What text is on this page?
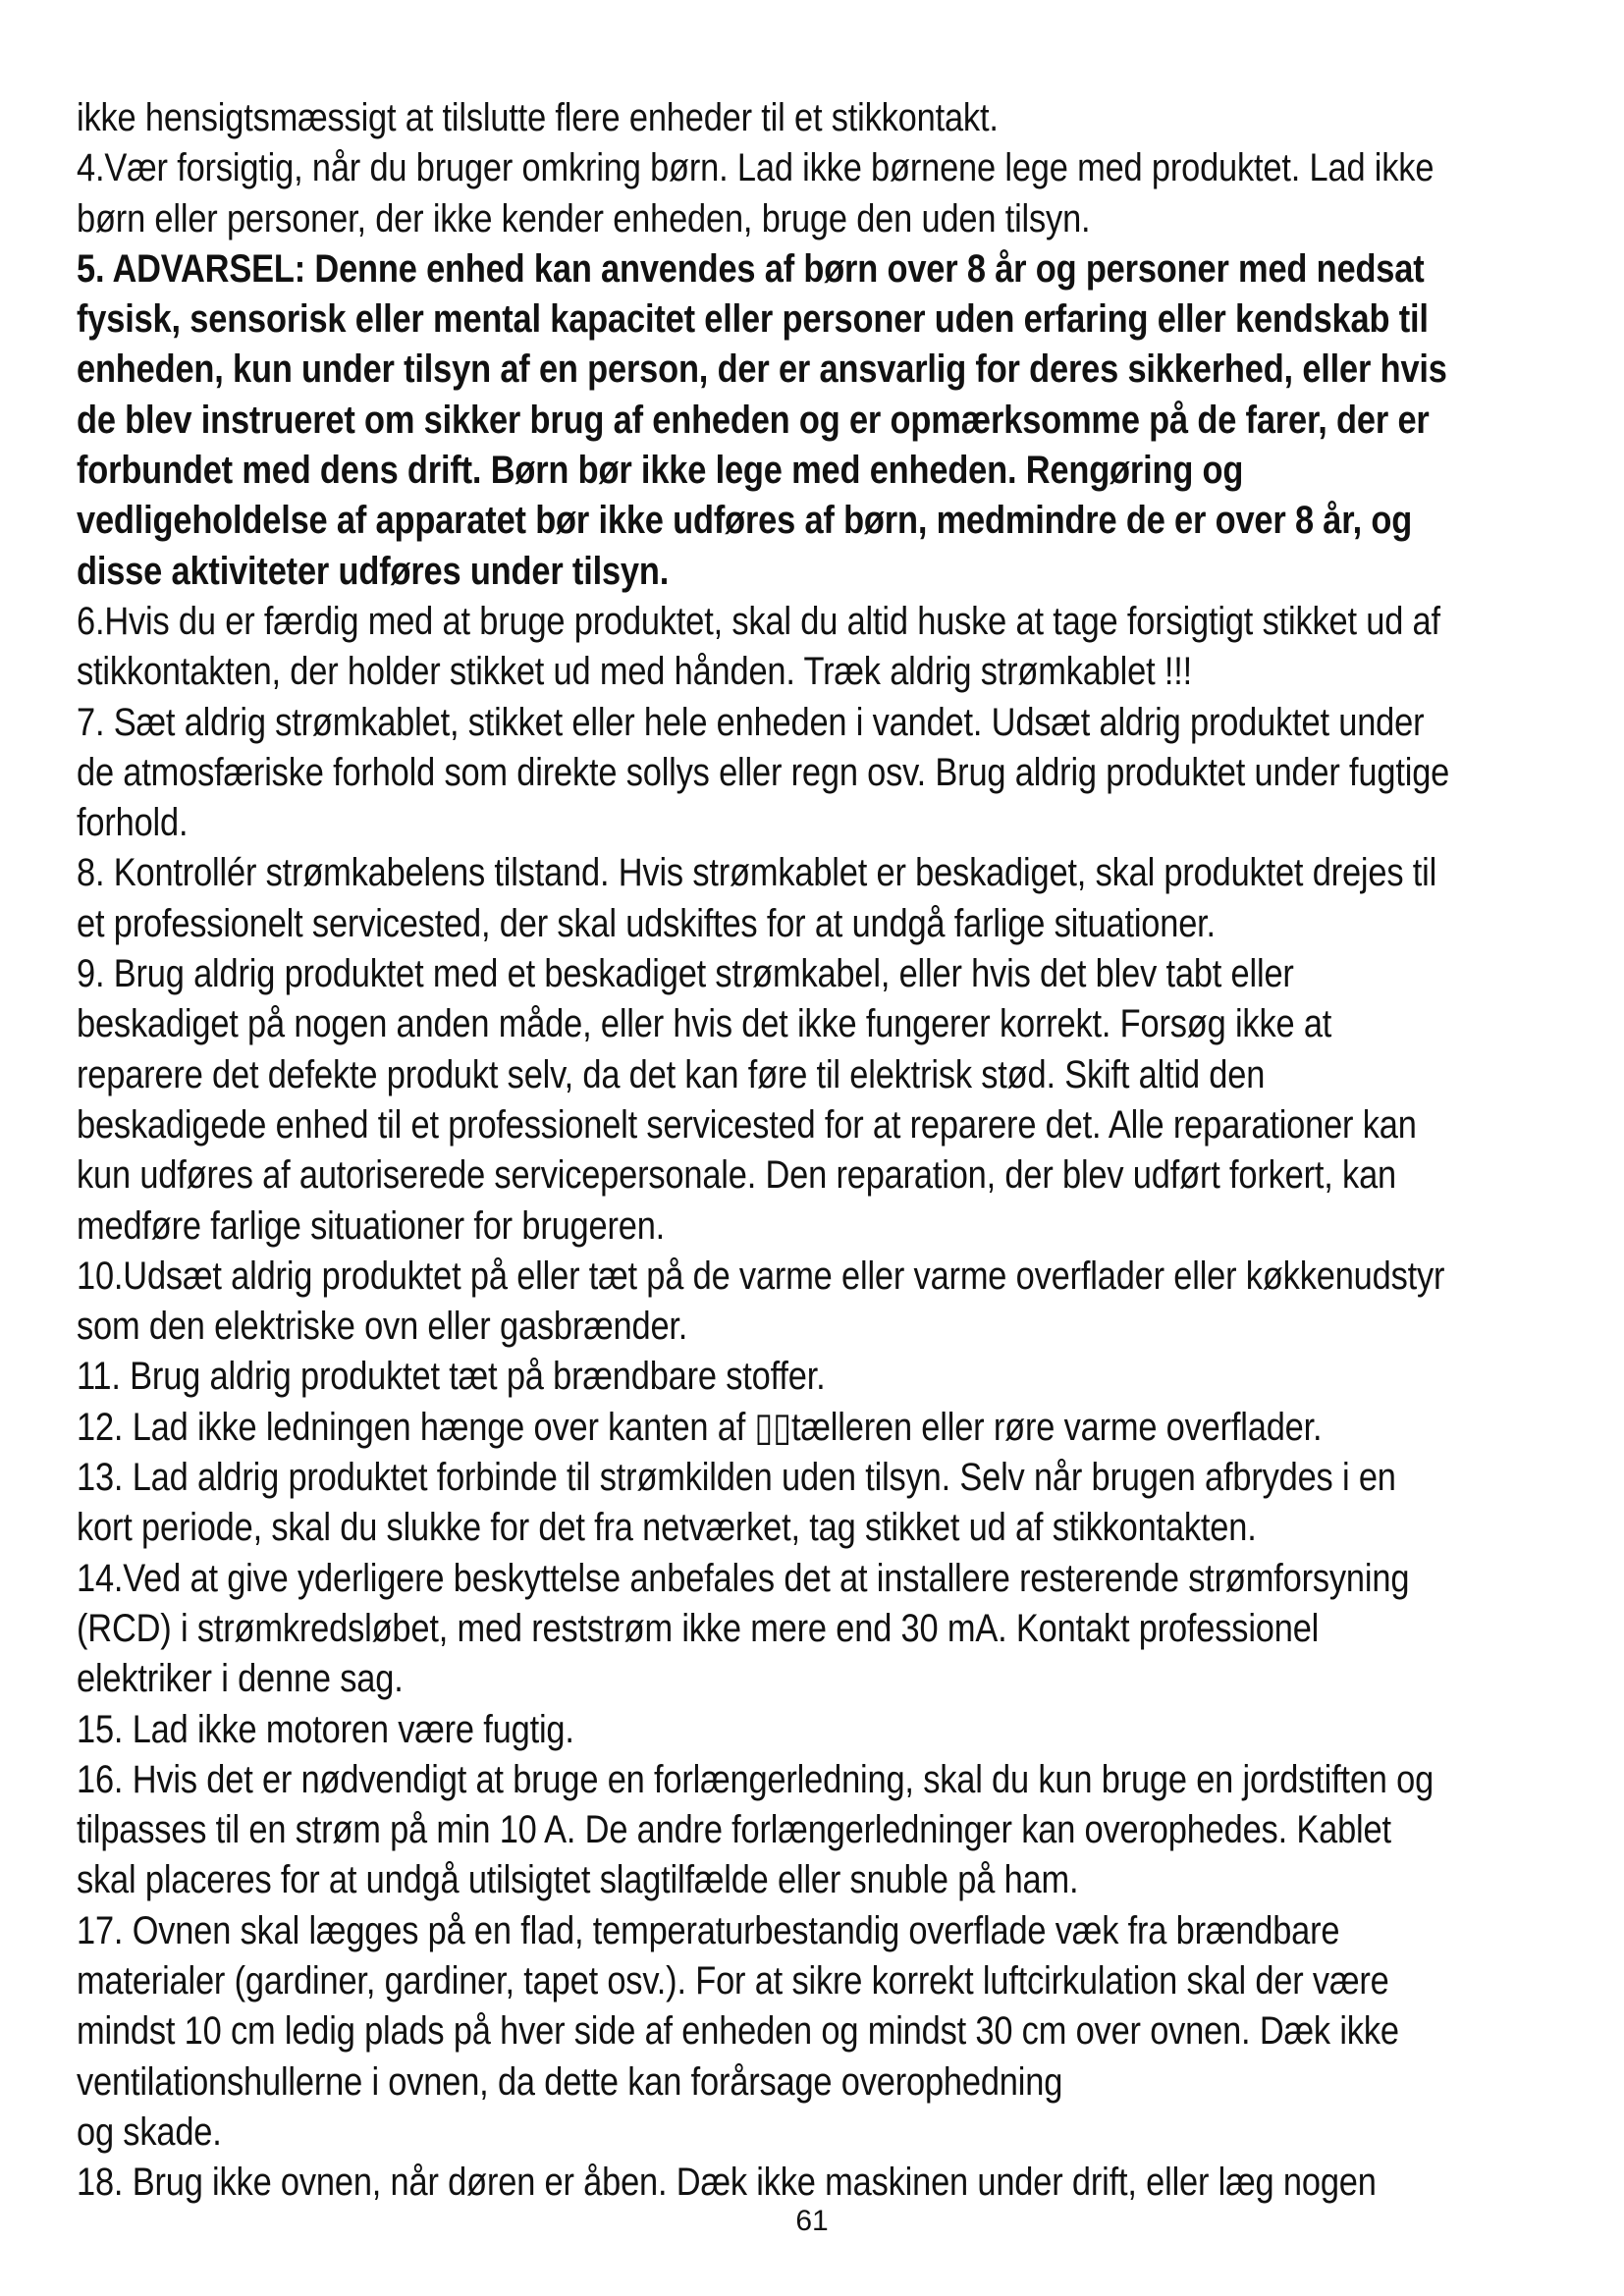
ikke hensigtsmæssigt at tilslutte flere enheder til et stikkontakt.
4.Vær forsigtig, når du bruger omkring børn. Lad ikke børnene lege med produktet. Lad ikke
børn eller personer, der ikke kender enheden, bruge den uden tilsyn.
5. ADVARSEL: Denne enhed kan anvendes af børn over 8 år og personer med nedsat
fysisk, sensorisk eller mental kapacitet eller personer uden erfaring eller kendskab til
enheden, kun under tilsyn af en person, der er ansvarlig for deres sikkerhed, eller hvis
de blev instrueret om sikker brug af enheden og er opmærksomme på de farer, der er
forbundet med dens drift. Børn bør ikke lege med enheden. Rengøring og
vedligeholdelse af apparatet bør ikke udføres af børn, medmindre de er over 8 år, og
disse aktiviteter udføres under tilsyn.
6.Hvis du er færdig med at bruge produktet, skal du altid huske at tage forsigtigt stikket ud af
stikkontakten, der holder stikket ud med hånden. Træk aldrig strømkablet !!!
7. Sæt aldrig strømkablet, stikket eller hele enheden i vandet. Udsæt aldrig produktet under
de atmosfæriske forhold som direkte sollys eller regn osv. Brug aldrig produktet under fugtige
forhold.
8. Kontrollér strømkabelens tilstand. Hvis strømkablet er beskadiget, skal produktet drejes til
et professionelt servicested, der skal udskiftes for at undgå farlige situationer.
9. Brug aldrig produktet med et beskadiget strømkabel, eller hvis det blev tabt eller
beskadiget på nogen anden måde, eller hvis det ikke fungerer korrekt. Forsøg ikke at
reparere det defekte produkt selv, da det kan føre til elektrisk stød. Skift altid den
beskadigede enhed til et professionelt servicested for at reparere det. Alle reparationer kan
kun udføres af autoriserede servicepersonale. Den reparation, der blev udført forkert, kan
medføre farlige situationer for brugeren.
10.Udsæt aldrig produktet på eller tæt på de varme eller varme overflader eller køkkenudstyr
som den elektriske ovn eller gasbrænder.
11. Brug aldrig produktet tæt på brændbare stoffer.
12. Lad ikke ledningen hænge over kanten af ▯▯tælleren eller røre varme overflader.
13. Lad aldrig produktet forbinde til strømkilden uden tilsyn. Selv når brugen afbrydes i en
kort periode, skal du slukke for det fra netværket, tag stikket ud af stikkontakten.
14.Ved at give yderligere beskyttelse anbefales det at installere resterende strømforsyning
(RCD) i strømkredsløbet, med reststrøm ikke mere end 30 mA. Kontakt professionel
elektriker i denne sag.
15. Lad ikke motoren være fugtig.
16. Hvis det er nødvendigt at bruge en forlængerledning, skal du kun bruge en jordstiften og
tilpasses til en strøm på min 10 A. De andre forlængerledninger kan overophedes. Kablet
skal placeres for at undgå utilsigtet slagtilfælde eller snuble på ham.
17. Ovnen skal lægges på en flad, temperaturbestandig overflade væk fra brændbare
materialer (gardiner, gardiner, tapet osv.). For at sikre korrekt luftcirkulation skal der være
mindst 10 cm ledig plads på hver side af enheden og mindst 30 cm over ovnen. Dæk ikke
ventilationshullerne i ovnen, da dette kan forårsage overophedning
og skade.
18. Brug ikke ovnen, når døren er åben. Dæk ikke maskinen under drift, eller læg nogen
61
